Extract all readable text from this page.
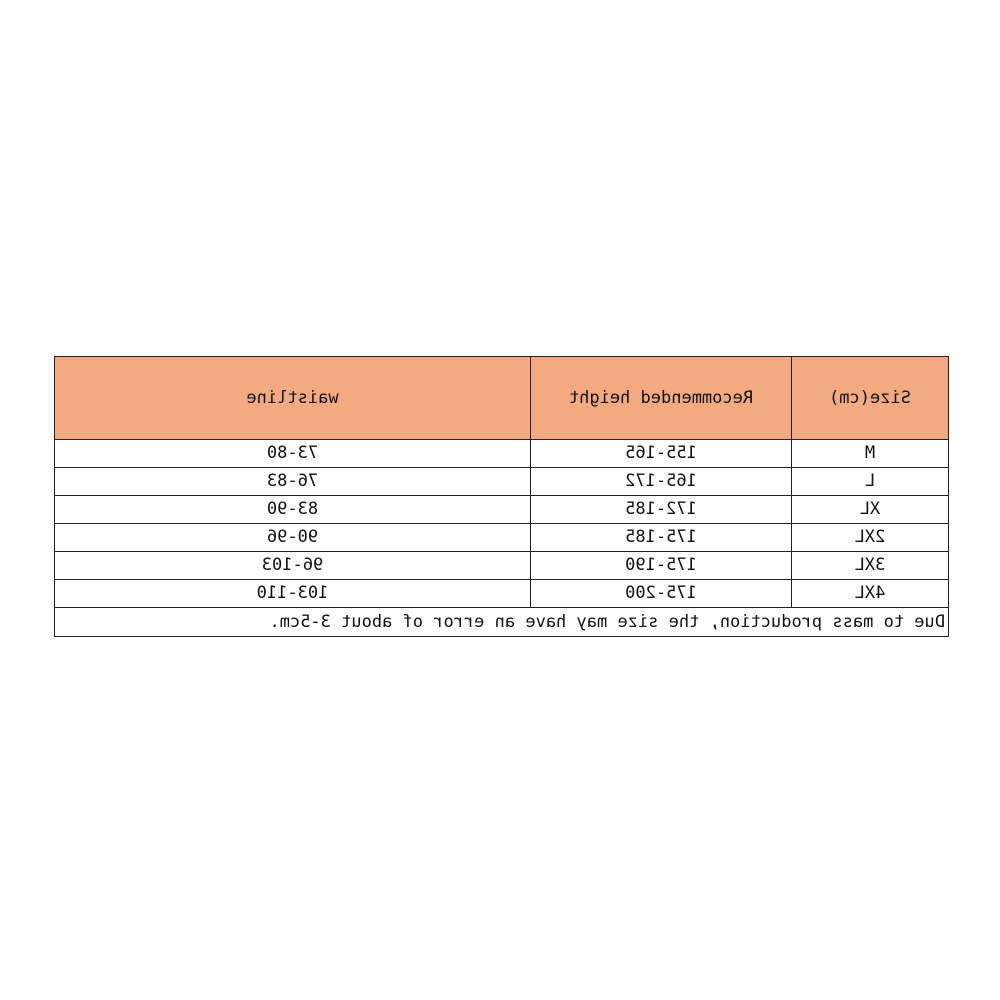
Size(cm)	Recommended height	waistline
M	155-165	73-80
L	165-172	76-83
XL	172-185	83-90
2XL	175-185	90-96
3XL	175-190	96-103
4XL	175-200	103-110
Due to mass production, the size may have an error of about 3-5cm.		
